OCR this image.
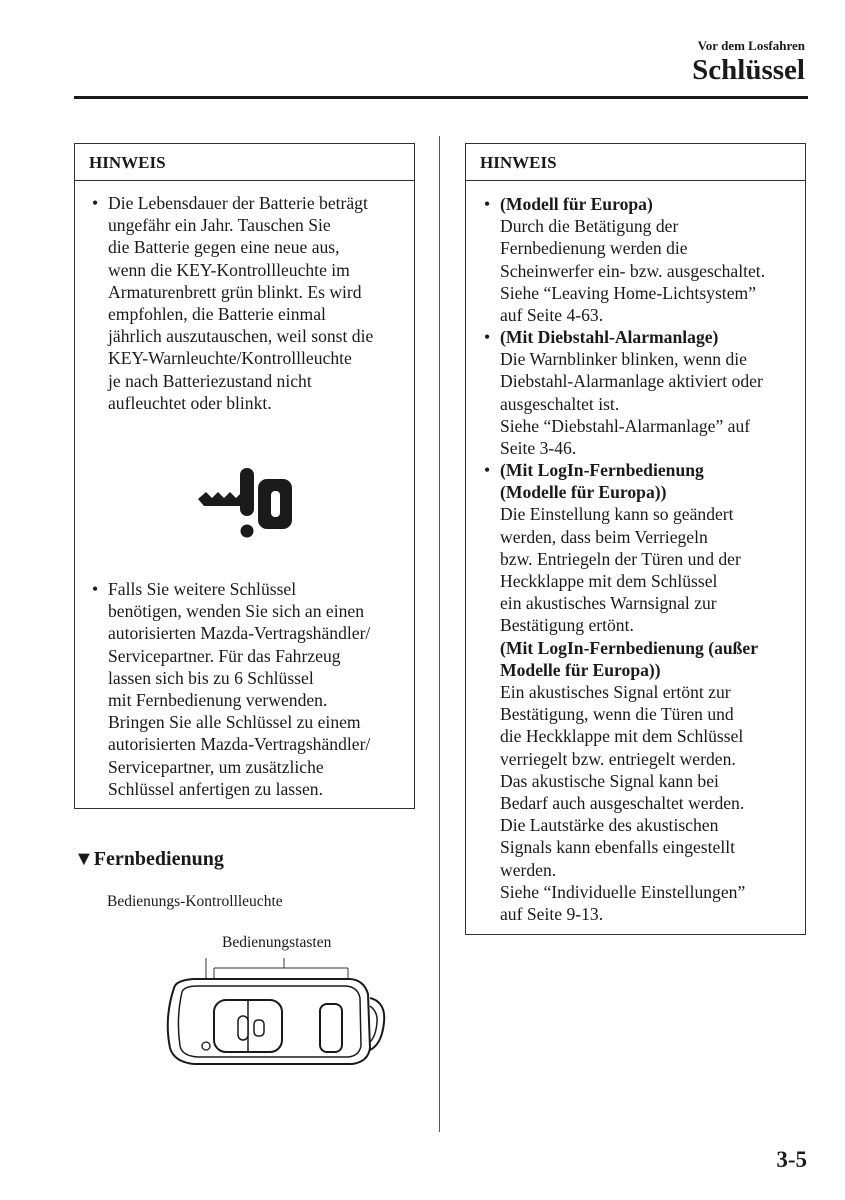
Vor dem Losfahren
Schlüssel
HINWEIS
• Die Lebensdauer der Batterie beträgt
ungefähr ein Jahr. Tauschen Sie
die Batterie gegen eine neue aus,
wenn die KEY-Kontrollleuchte im
Armaturenbrett grün blinkt. Es wird
empfohlen, die Batterie einmal
jährlich auszutauschen, weil sonst die
KEY-Warnleuchte/Kontrollleuchte
je nach Batteriezustand nicht
aufleuchtet oder blinkt.
• Falls Sie weitere Schlüssel
benötigen, wenden Sie sich an einen
autorisierten Mazda-Vertragshändler/
Servicepartner. Für das Fahrzeug
lassen sich bis zu 6 Schlüssel
mit Fernbedienung verwenden.
Bringen Sie alle Schlüssel zu einem
autorisierten Mazda-Vertragshändler/
Servicepartner, um zusätzliche
Schlüssel anfertigen zu lassen.
HINWEIS
• (Modell für Europa)
Durch die Betätigung der
Fernbedienung werden die
Scheinwerfer ein- bzw. ausgeschaltet.
Siehe “Leaving Home-Lichtsystem”
auf Seite 4-63.
• (Mit Diebstahl-Alarmanlage)
Die Warnblinker blinken, wenn die
Diebstahl-Alarmanlage aktiviert oder
ausgeschaltet ist.
Siehe “Diebstahl-Alarmanlage” auf
Seite 3-46.
• (Mit LogIn-Fernbedienung
(Modelle für Europa))
Die Einstellung kann so geändert
werden, dass beim Verriegeln
bzw. Entriegeln der Türen und der
Heckklappe mit dem Schlüssel
ein akustisches Warnsignal zur
Bestätigung ertönt.
(Mit LogIn-Fernbedienung (außer
Modelle für Europa))
Ein akustisches Signal ertönt zur
Bestätigung, wenn die Türen und
die Heckklappe mit dem Schlüssel
verriegelt bzw. entriegelt werden.
Das akustische Signal kann bei
Bedarf auch ausgeschaltet werden.
Die Lautstärke des akustischen
Signals kann ebenfalls eingestellt
werden.
Siehe “Individuelle Einstellungen”
auf Seite 9-13.
▼Fernbedienung
Bedienungs-Kontrollleuchte
Bedienungstasten
3-5
